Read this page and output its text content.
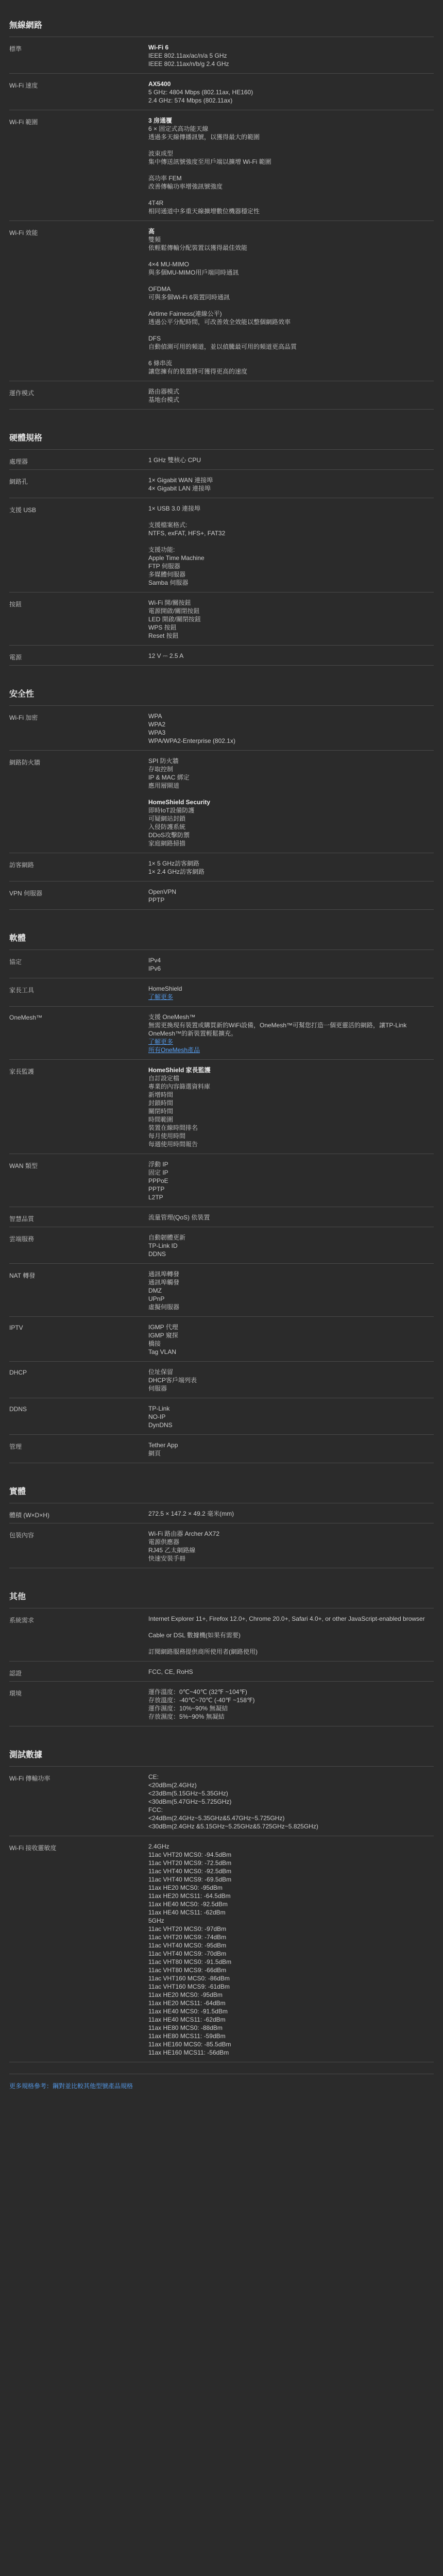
無線網路
標準	Wi-Fi 6
IEEE 802.11ax/ac/n/a 5 GHz
IEEE 802.11ax/n/b/g 2.4 GHz
Wi-Fi 速度	AX5400
5 GHz: 4804 Mbps (802.11ax, HE160)
2.4 GHz: 574 Mbps (802.11ax)
Wi-Fi 範圍	3 房通覆
6 × 固定式高功能天線
透過多天線傳播訊號，以獲得最大的範圍
波束成型
集中傳送訊號強度至用戶端以擴增 Wi-Fi 範圍
高功率 FEM
改善傳輸功率增強訊號強度
4T4R
相同通道中多重天線擴增數位機器穩定性
Wi-Fi 效能	高
雙頻
依輕鬆傳輸分配裝置以獲得最佳效能
4×4 MU-MIMO
與多個MU-MIMO用戶端同時通訊
OFDMA
可與多個Wi-Fi 6裝置同時通訊
Airtime Fairness(連線公平)
透過公平分配時間，可改善效全效能以整個網路效率
DFS
自動偵測可用的頻道，並以偵騰最可用的頻道更高品質
6 條串流
讓您擁有的裝置將可獲得更高的速度
運作模式	路由器模式
基地台模式
硬體規格
處理器	1 GHz 雙核心 CPU
網路孔	1× Gigabit WAN 連接埠
4× Gigabit LAN 連接埠
支援 USB	1× USB 3.0 連接埠
支援檔案格式:
NTFS, exFAT, HFS+, FAT32
支援功能:
Apple Time Machine
FTP 伺服器
多媒體伺服器
Samba 伺服器
按鈕	Wi-Fi 開/關按鈕
電源開啟/關閉按鈕
LED 開啟/關閉按鈕
WPS 按鈕
Reset 按鈕
電源	12 V ⎓ 2.5 A
安全性
Wi-Fi 加密	WPA
WPA2
WPA3
WPA/WPA2-Enterprise (802.1x)
網路防火牆	SPI 防火牆
存取控制
IP & MAC 綁定
應用層閘道
HomeShield Security
即時IoT設備防護
可疑網站封鎖
入侵防護系統
DDoS攻擊防禦
家庭網路掃描
訪客網路	1× 5 GHz訪客網路
1× 2.4 GHz訪客網路
VPN 伺服器	OpenVPN
PPTP
軟體
協定	IPv4
IPv6
家長工具	HomeShield
了解更多
OneMesh™	支援 OneMesh™
無需更換現有裝置或購買新的WiFi設備，OneMesh™可幫您打造一個更靈活的網路，讓TP-Link OneMesh™的新裝置輕鬆擴充。
了解更多
所有OneMesh產品
家長監護	HomeShield 家長監護
自訂設定檔
專業的內容篩選資料庫
新增時間
封鎖時間
關閉時間
時間範圍
裝置在線時間排名
每月使用時間
每週使用時間報告
WAN 類型	浮動 IP
固定 IP
PPPoE
PPTP
L2TP
智慧品質	流量管理(QoS) 依裝置
雲端服務	自動韌體更新
TP-Link ID
DDNS
NAT 轉發	通訊埠轉發
通訊埠觸發
DMZ
UPnP
虛擬伺服器
IPTV	IGMP 代理
IGMP 窺探
橋接
Tag VLAN
DHCP	位址保留
DHCP客戶端列表
伺服器
DDNS	TP-Link
NO-IP
DynDNS
管理	Tether App
網頁
實體
體積 (W×D×H)	272.5 × 147.2 × 49.2 毫米(mm)
包裝內容	Wi-Fi 路由器 Archer AX72
電源供應器
RJ45 乙太網路線
快速安裝手冊
其他
系統需求	Internet Explorer 11+, Firefox 12.0+, Chrome 20.0+, Safari 4.0+, or other JavaScript-enabled browser
Cable or DSL 數據機(如果有需要)
訂閱網路服務提供商所使用者(網路使用)
認證	FCC, CE, RoHS
環境	運作溫度：0℃~40℃ (32℉ ~104℉)
存放溫度：-40℃~70℃ (-40℉ ~158℉)
運作濕度：10%~90% 無凝結
存放濕度：5%~90% 無凝結
測試數據
Wi-Fi 傳輸功率	CE:
<20dBm(2.4GHz)
<23dBm(5.15GHz~5.35GHz)
<30dBm(5.47GHz~5.725GHz)
FCC:
<24dBm(2.4GHz~5.35GHz&5.47GHz~5.725GHz)
<30dBm(2.4GHz &5.15GHz~5.25GHz&5.725GHz~5.825GHz)
Wi-Fi 接收靈敏度	2.4GHz
11ac VHT20 MCS0: -94.5dBm
11ac VHT20 MCS9: -72.5dBm
11ac VHT40 MCS0: -92.5dBm
11ac VHT40 MCS9: -69.5dBm
11ax HE20 MCS0: -95dBm
11ax HE20 MCS11: -64.5dBm
11ax HE40 MCS0: -92.5dBm
11ax HE40 MCS11: -62dBm
5GHz
11ac VHT20 MCS0: -97dBm
11ac VHT20 MCS9: -74dBm
11ac VHT40 MCS0: -95dBm
11ac VHT40 MCS9: -70dBm
11ac VHT80 MCS0: -91.5dBm
11ac VHT80 MCS9: -66dBm
11ac VHT160 MCS0: -86dBm
11ac VHT160 MCS9: -61dBm
11ax HE20 MCS0: -95dBm
11ax HE20 MCS11: -64dBm
11ax HE40 MCS0: -91.5dBm
11ax HE40 MCS11: -62dBm
11ax HE80 MCS0: -88dBm
11ax HE80 MCS11: -59dBm
11ax HE160 MCS0: -85.5dBm
11ax HE160 MCS11: -56dBm
更多規格參考：鋼對並比較其他型號產品規格
